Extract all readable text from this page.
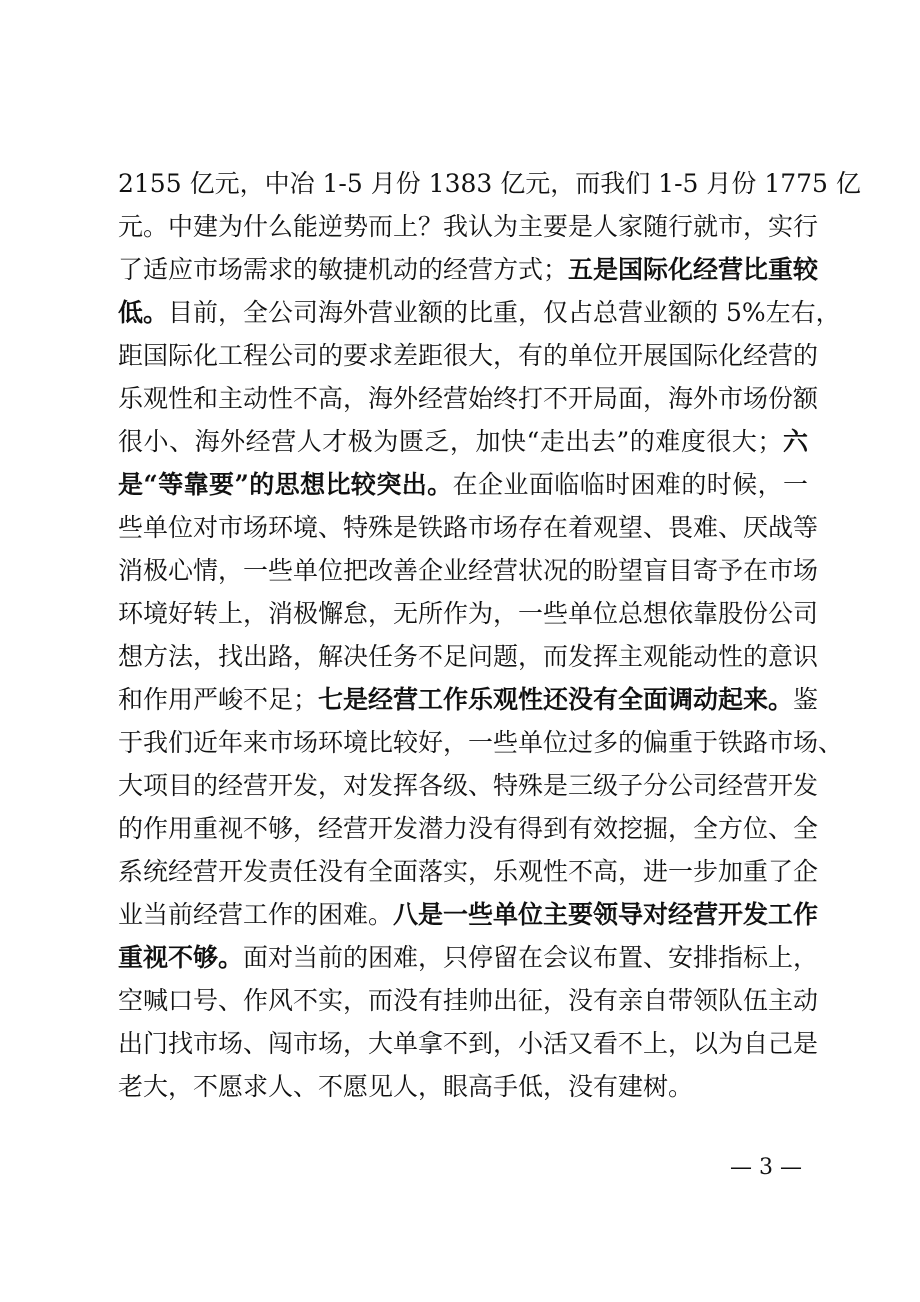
2155 亿元，中冶 1-5 月份 1383 亿元，而我们 1-5 月份 1775 亿
元。中建为什么能逆势而上？我认为主要是人家随行就市，实行
了适应市场需求的敏捷机动的经营方式；五是国际化经营比重较
低。目前，全公司海外营业额的比重，仅占总营业额的 5%左右，
距国际化工程公司的要求差距很大，有的单位开展国际化经营的
乐观性和主动性不高，海外经营始终打不开局面，海外市场份额
很小、海外经营人才极为匮乏，加快“走出去”的难度很大；六
是“等靠要”的思想比较突出。在企业面临临时困难的时候，一
些单位对市场环境、特殊是铁路市场存在着观望、畏难、厌战等
消极心情，一些单位把改善企业经营状况的盼望盲目寄予在市场
环境好转上，消极懈怠，无所作为，一些单位总想依靠股份公司
想方法，找出路，解决任务不足问题，而发挥主观能动性的意识
和作用严峻不足；七是经营工作乐观性还没有全面调动起来。鉴
于我们近年来市场环境比较好，一些单位过多的偏重于铁路市场、
大项目的经营开发，对发挥各级、特殊是三级子分公司经营开发
的作用重视不够，经营开发潜力没有得到有效挖掘，全方位、全
系统经营开发责任没有全面落实，乐观性不高，进一步加重了企
业当前经营工作的困难。八是一些单位主要领导对经营开发工作
重视不够。面对当前的困难，只停留在会议布置、安排指标上，
空喊口号、作风不实，而没有挂帅出征，没有亲自带领队伍主动
出门找市场、闯市场，大单拿不到，小活又看不上，以为自己是
老大，不愿求人、不愿见人，眼高手低，没有建树。
— 3 —
